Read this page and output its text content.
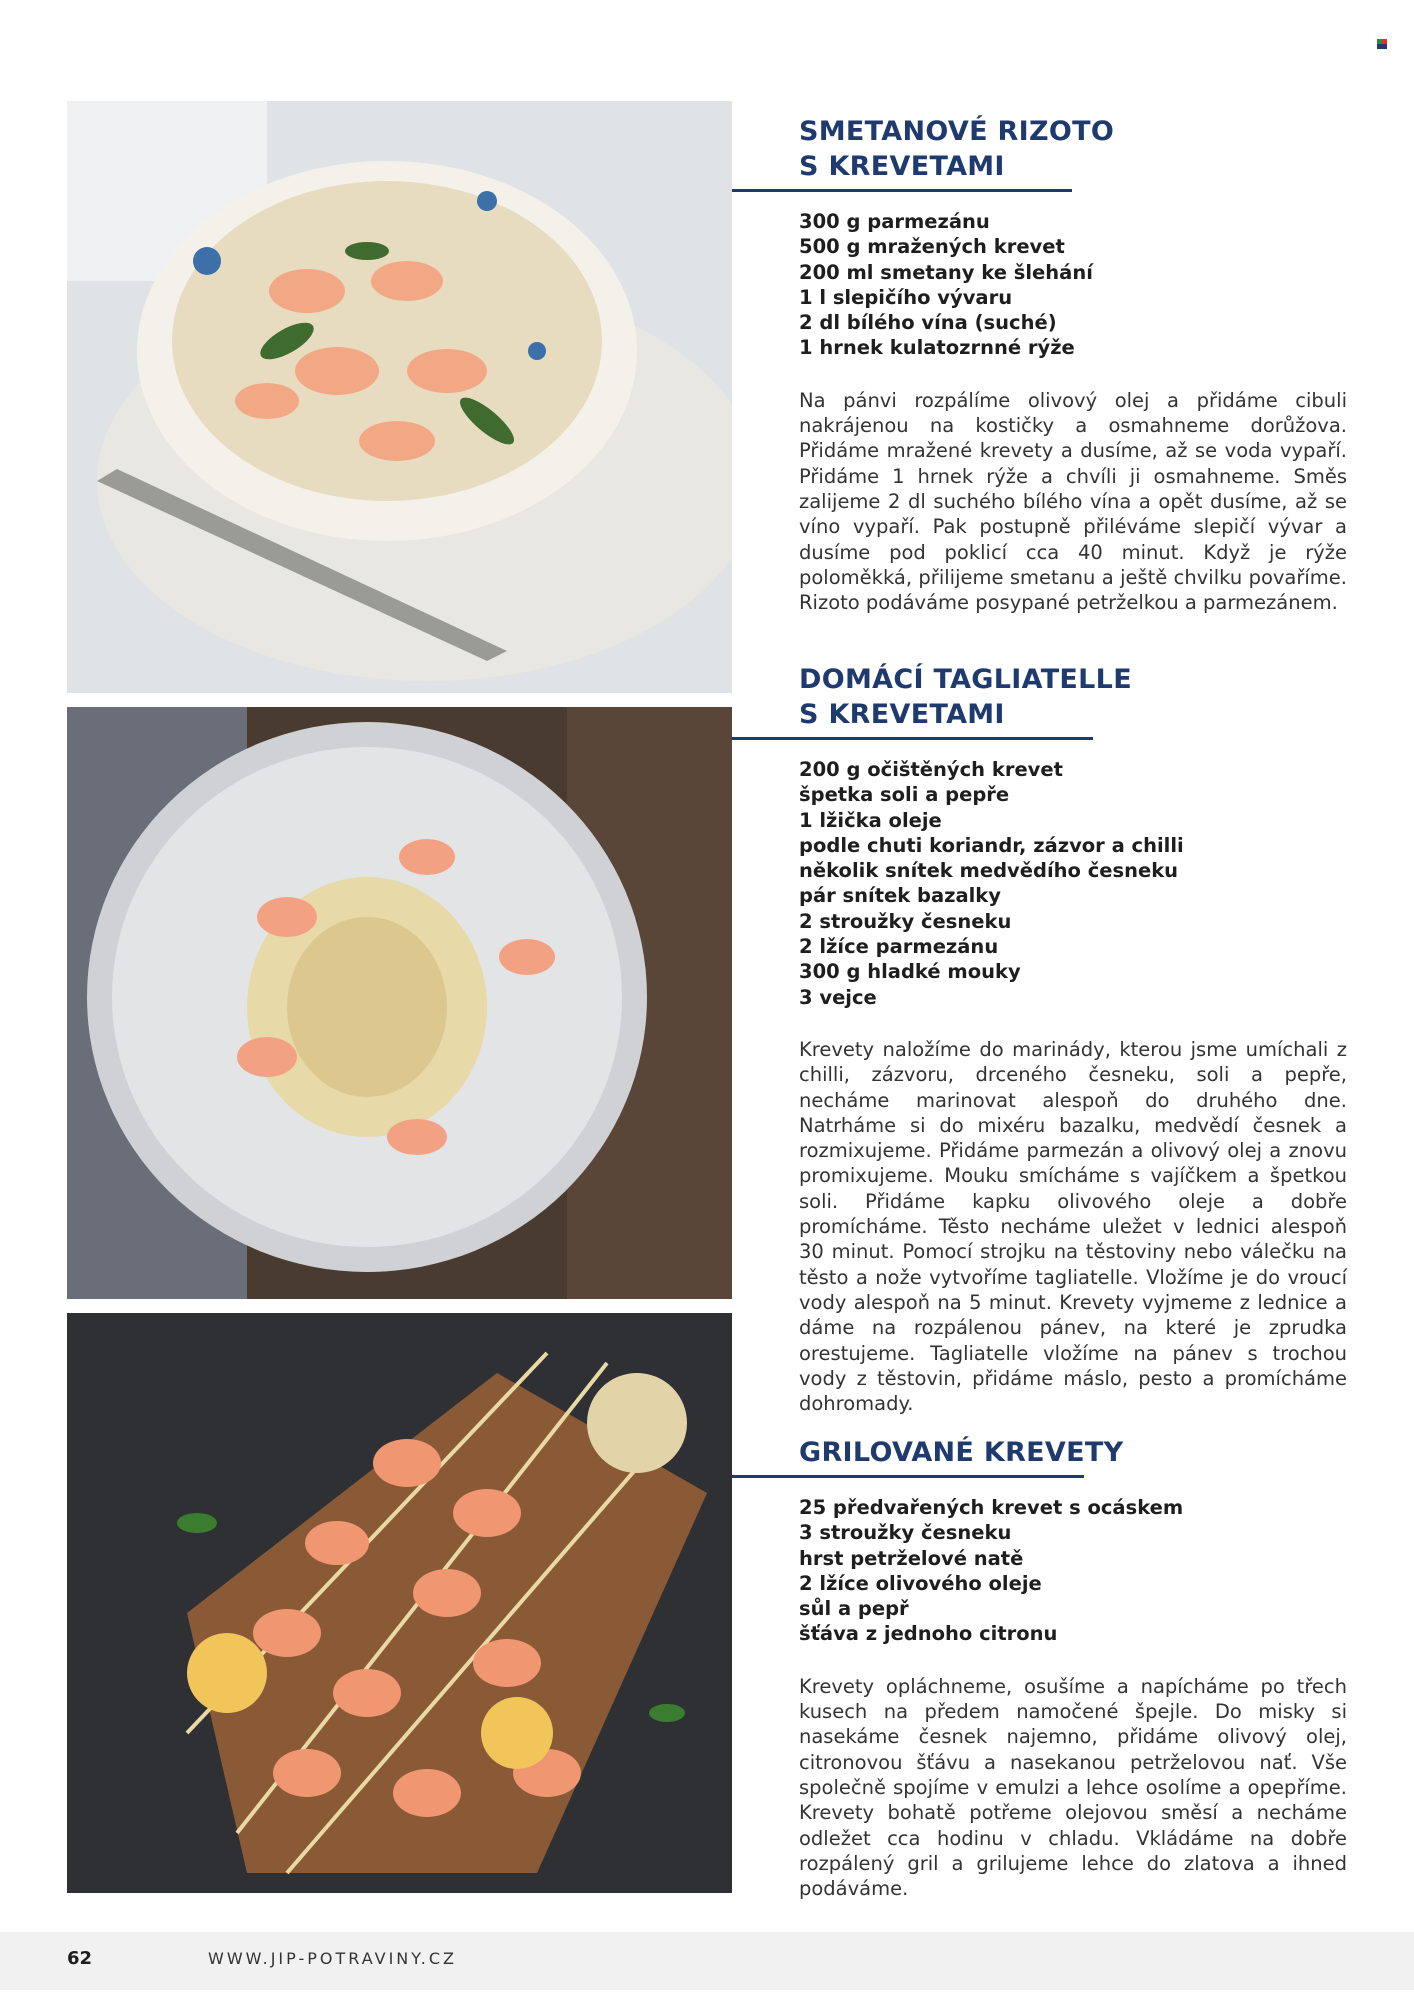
SMETANOVÉ RIZOTO
S KREVETAMI
300 g parmezánu
500 g mražených krevet
200 ml smetany ke šlehání
1 l slepičího vývaru
2 dl bílého vína (suché)
1 hrnek kulatozrnné rýže

Na pánvi rozpálíme olivový olej a přidáme cibuli nakrájenou na kostičky a osmahneme dorůžova. Přidáme mražené krevety a dusíme, až se voda vypaří. Přidáme 1 hrnek rýže a chvíli ji osmahneme. Směs zalijeme 2 dl suchého bílého vína a opět dusíme, až se víno vypaří. Pak postupně přiléváme slepičí vývar a dusíme pod poklicí cca 40 minut. Když je rýže poloměkká, přilijeme smetanu a ještě chvilku povaříme. Rizoto podáváme posypané petrželkou a parmezánem.

DOMÁCÍ TAGLIATELLE
S KREVETAMI
200 g očištěných krevet
špetka soli a pepře
1 lžička oleje
podle chuti koriandr, zázvor a chilli
několik snítek medvědího česneku
pár snítek bazalky
2 stroužky česneku
2 lžíce parmezánu
300 g hladké mouky
3 vejce

Krevety naložíme do marinády, kterou jsme umíchali z chilli, zázvoru, drceného česneku, soli a pepře, necháme marinovat alespoň do druhého dne. Natrháme si do mixéru bazalku, medvědí česnek a rozmixujeme. Přidáme parmezán a olivový olej a znovu promixujeme. Mouku smícháme s vajíčkem a špetkou soli. Přidáme kapku olivového oleje a dobře promícháme. Těsto necháme uležet v lednici alespoň 30 minut. Pomocí strojku na těstoviny nebo válečku na těsto a nože vytvoříme tagliatelle. Vložíme je do vroucí vody alespoň na 5 minut. Krevety vyjmeme z lednice a dáme na rozpálenou pánev, na které je zprudka orestujeme. Tagliatelle vložíme na pánev s trochou vody z těstovin, přidáme máslo, pesto a promícháme dohromady.

GRILOVANÉ KREVETY
25 předvařených krevet s ocáskem
3 stroužky česneku
hrst petrželové natě
2 lžíce olivového oleje
sůl a pepř
šťáva z jednoho citronu

Krevety opláchneme, osušíme a napícháme po třech kusech na předem namočené špejle. Do misky si nasekáme česnek najemno, přidáme olivový olej, citronovou šťávu a nasekanou petrželovou nať. Vše společně spojíme v emulzi a lehce osolíme a opepříme. Krevety bohatě potřeme olejovou směsí a necháme odležet cca hodinu v chladu. Vkládáme na dobře rozpálený gril a grilujeme lehce do zlatova a ihned podáváme.

62	WWW.JIP-POTRAVINY.CZ
